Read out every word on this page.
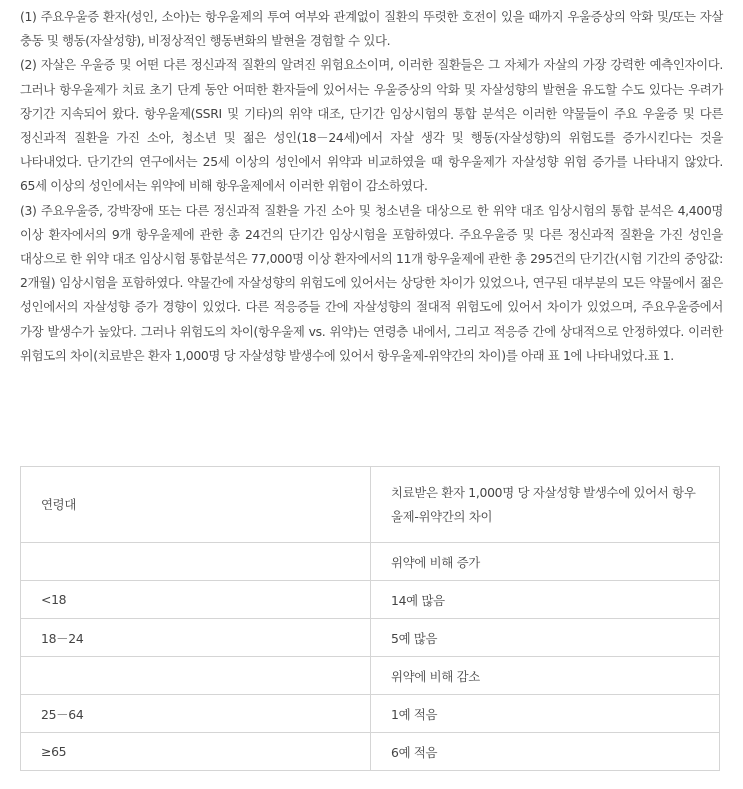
(1) 주요우울증 환자(성인, 소아)는 항우울제의 투여 여부와 관계없이 질환의 뚜렷한 호전이 있을 때까지 우울증상의 악화 및/또는 자살 충동 및 행동(자살성향), 비정상적인 행동변화의 발현을 경험할 수 있다.

(2) 자살은 우울증 및 어떤 다른 정신과적 질환의 알려진 위험요소이며, 이러한 질환들은 그 자체가 자살의 가장 강력한 예측인자이다. 그러나 항우울제가 치료 초기 단계 동안 어떠한 환자들에 있어서는 우울증상의 악화 및 자살성향의 발현을 유도할 수도 있다는 우려가 장기간 지속되어 왔다. 항우울제(SSRI 및 기타)의 위약 대조, 단기간 임상시험의 통합 분석은 이러한 약물들이 주요 우울증 및 다른 정신과적 질환을 가진 소아, 청소년 및 젊은 성인(18－24세)에서 자살 생각 및 행동(자살성향)의 위험도를 증가시킨다는 것을 나타내었다. 단기간의 연구에서는 25세 이상의 성인에서 위약과 비교하였을 때 항우울제가 자살성향 위험 증가를 나타내지 않았다. 65세 이상의 성인에서는 위약에 비해 항우울제에서 이러한 위험이 감소하였다.

(3) 주요우울증, 강박장애 또는 다른 정신과적 질환을 가진 소아 및 청소년을 대상으로 한 위약 대조 임상시험의 통합 분석은 4,400명 이상 환자에서의 9개 항우울제에 관한 총 24건의 단기간 임상시험을 포함하였다. 주요우울증 및 다른 정신과적 질환을 가진 성인을 대상으로 한 위약 대조 임상시험 통합분석은 77,000명 이상 환자에서의 11개 항우울제에 관한 총 295건의 단기간(시험 기간의 중앙값: 2개월) 임상시험을 포함하였다. 약물간에 자살성향의 위험도에 있어서는 상당한 차이가 있었으나, 연구된 대부분의 모든 약물에서 젊은 성인에서의 자살성향 증가 경향이 있었다. 다른 적응증들 간에 자살성향의 절대적 위험도에 있어서 차이가 있었으며, 주요우울증에서 가장 발생수가 높았다. 그러나 위험도의 차이(항우울제 vs. 위약)는 연령층 내에서, 그리고 적응증 간에 상대적으로 안정하였다. 이러한 위험도의 차이(치료받은 환자 1,000명 당 자살성향 발생수에 있어서 항우울제-위약간의 차이)를 아래 표 1에 나타내었다.표 1.

연령대	치료받은 환자 1,000명 당 자살성향 발생수에 있어서 항우울제-위약간의 차이
	위약에 비해 증가
<18	14예 많음
18－24	5예 많음
	위약에 비해 감소
25－64	1예 적음
≥65	6예 적음
